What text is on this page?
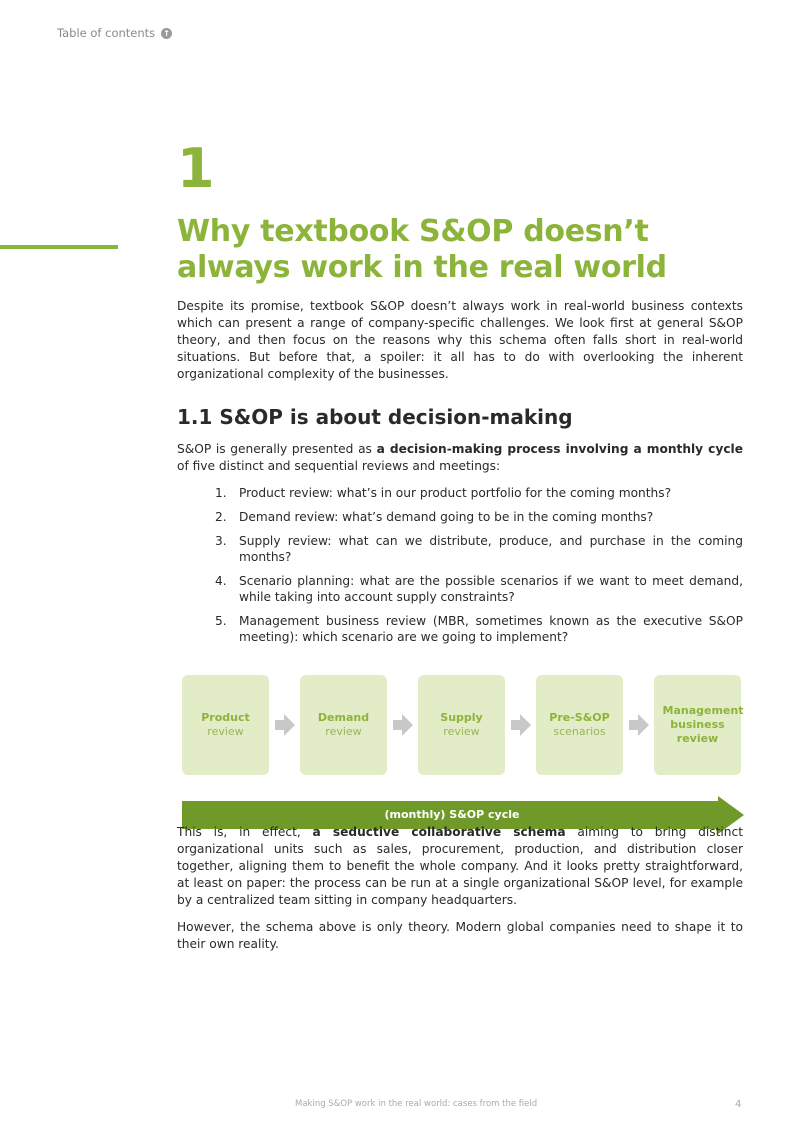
Table of contents ↑
1
Why textbook S&OP doesn’t always work in the real world

Despite its promise, textbook S&OP doesn’t always work in real-world business contexts which can present a range of company-specific challenges. We look first at general S&OP theory, and then focus on the reasons why this schema often falls short in real-world situations. But before that, a spoiler: it all has to do with overlooking the inherent organizational complexity of the businesses.

1.1 S&OP is about decision-making

S&OP is generally presented as a decision-making process involving a monthly cycle of five distinct and sequential reviews and meetings:

1. Product review: what’s in our product portfolio for the coming months?
2. Demand review: what’s demand going to be in the coming months?
3. Supply review: what can we distribute, produce, and purchase in the coming months?
4. Scenario planning: what are the possible scenarios if we want to meet demand, while taking into account supply constraints?
5. Management business review (MBR, sometimes known as the executive S&OP meeting): which scenario are we going to implement?
Product
review
Demand
review
Supply
review
Pre-S&OP
scenarios
Management business review
(monthly) S&OP cycle

This is, in effect, a seductive collaborative schema aiming to bring distinct organizational units such as sales, procurement, production, and distribution closer together, aligning them to benefit the whole company. And it looks pretty straightforward, at least on paper: the process can be run at a single organizational S&OP level, for example by a centralized team sitting in company headquarters.

However, the schema above is only theory. Modern global companies need to shape it to their own reality.

Making S&OP work in the real world: cases from the field	4
